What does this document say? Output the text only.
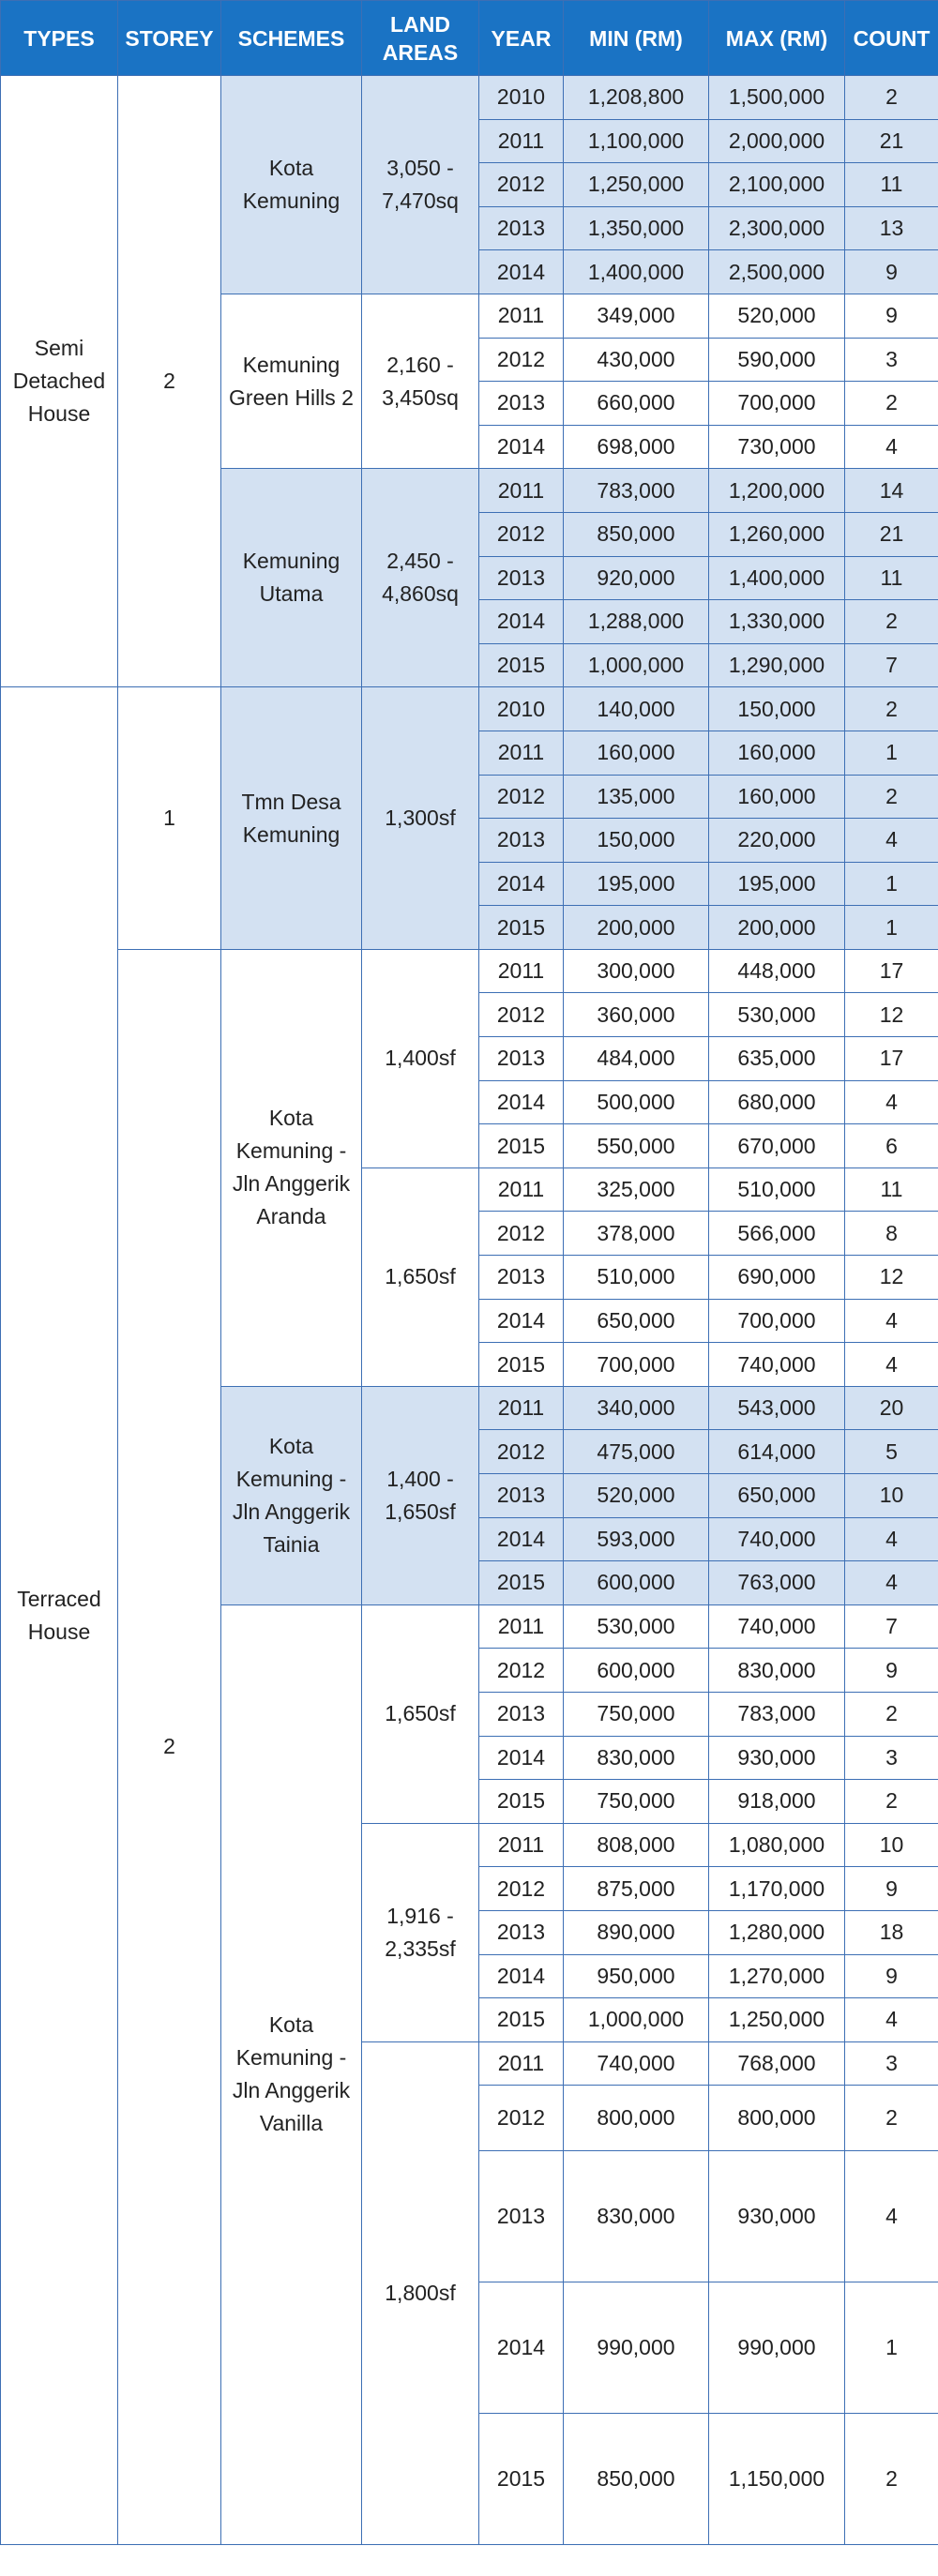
TYPES	STOREY	SCHEMES	LAND AREAS	YEAR	MIN (RM)	MAX (RM)	COUNT
Semi Detached House	2	Kota Kemuning	3,050 - 7,470sq	2010	1,208,800	1,500,000	2
				2011	1,100,000	2,000,000	21
				2012	1,250,000	2,100,000	11
				2013	1,350,000	2,300,000	13
				2014	1,400,000	2,500,000	9
		Kemuning Green Hills 2	2,160 - 3,450sq	2011	349,000	520,000	9
				2012	430,000	590,000	3
				2013	660,000	700,000	2
				2014	698,000	730,000	4
		Kemuning Utama	2,450 - 4,860sq	2011	783,000	1,200,000	14
				2012	850,000	1,260,000	21
				2013	920,000	1,400,000	11
				2014	1,288,000	1,330,000	2
				2015	1,000,000	1,290,000	7
Terraced House	1	Tmn Desa Kemuning	1,300sf	2010	140,000	150,000	2
				2011	160,000	160,000	1
				2012	135,000	160,000	2
				2013	150,000	220,000	4
				2014	195,000	195,000	1
				2015	200,000	200,000	1
	2	Kota Kemuning - Jln Anggerik Aranda	1,400sf	2011	300,000	448,000	17
				2012	360,000	530,000	12
				2013	484,000	635,000	17
				2014	500,000	680,000	4
				2015	550,000	670,000	6
			1,650sf	2011	325,000	510,000	11
				2012	378,000	566,000	8
				2013	510,000	690,000	12
				2014	650,000	700,000	4
				2015	700,000	740,000	4
		Kota Kemuning - Jln Anggerik Tainia	1,400 - 1,650sf	2011	340,000	543,000	20
				2012	475,000	614,000	5
				2013	520,000	650,000	10
				2014	593,000	740,000	4
				2015	600,000	763,000	4
		Kota Kemuning - Jln Anggerik Vanilla	1,650sf	2011	530,000	740,000	7
				2012	600,000	830,000	9
				2013	750,000	783,000	2
				2014	830,000	930,000	3
				2015	750,000	918,000	2
			1,916 - 2,335sf	2011	808,000	1,080,000	10
				2012	875,000	1,170,000	9
				2013	890,000	1,280,000	18
				2014	950,000	1,270,000	9
				2015	1,000,000	1,250,000	4
			1,800sf	2011	740,000	768,000	3
				2012	800,000	800,000	2
				2013	830,000	930,000	4
				2014	990,000	990,000	1
				2015	850,000	1,150,000	2
